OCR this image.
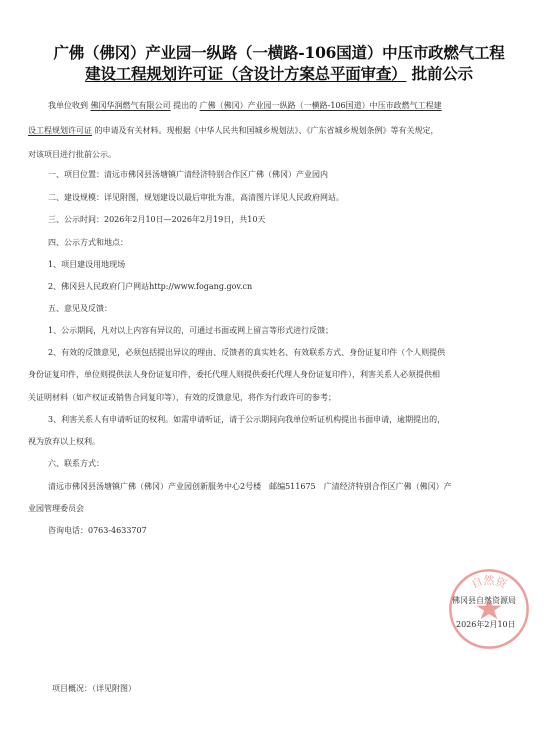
广佛（佛冈）产业园一纵路（一横路-106国道）中压市政燃气工程
建设工程规划许可证（含设计方案总平面审查） 批前公示
我单位收到 佛冈华润燃气有限公司 提出的 广佛（佛冈）产业园一纵路（一横路-106国道）中压市政燃气工程建
设工程规划许可证 的申请及有关材料。现根据《中华人民共和国城乡规划法》、《广东省城乡规划条例》等有关规定，
对该项目进行批前公示。
一、项目位置：清远市佛冈县汤塘镇广清经济特别合作区广佛（佛冈）产业园内
二、建设规模：详见附图，规划建设以最后审批为准，高清图片详见人民政府网站。
三、公示时间：2026年2月10日—2026年2月19日，共10天
四、公示方式和地点：
1、项目建设用地现场
2、佛冈县人民政府门户网站http://www.fogang.gov.cn
五、意见及反馈：
1、公示期间，凡对以上内容有异议的，可通过书面或网上留言等形式进行反馈；
2、有效的反馈意见，必须包括提出异议的理由、反馈者的真实姓名、有效联系方式、身份证复印件（个人则提供
身份证复印件，单位则提供法人身份证复印件，委托代理人则提供委托代理人身份证复印件），利害关系人必须提供相
关证明材料（如产权证或销售合同复印等），有效的反馈意见，将作为行政许可的参考；
3、利害关系人有申请听证的权利。如需申请听证，请于公示期间向我单位听证机构提出书面申请，逾期提出的，
视为放弃以上权利。
六、联系方式：
清远市佛冈县汤塘镇广佛（佛冈）产业园创新服务中心2号楼　邮编511675　广清经济特别合作区广佛（佛冈）产
业园管理委员会
咨询电话：0763-4633707
自然资
佛冈县自然资源局
2026年2月10日
项目概况：（详见附图）
